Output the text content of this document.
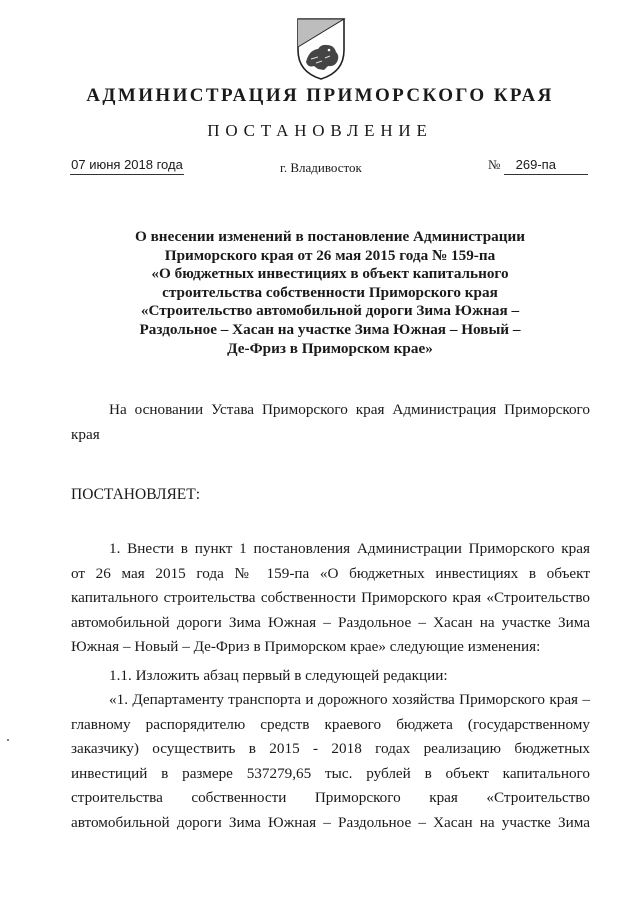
АДМИНИСТРАЦИЯ ПРИМОРСКОГО КРАЯ
ПОСТАНОВЛЕНИЕ
07 июня 2018 года	г. Владивосток	№ 269-па
О внесении изменений в постановление Администрации
Приморского края от 26 мая 2015 года № 159-па
«О бюджетных инвестициях в объект капитального
строительства собственности Приморского края
«Строительство автомобильной дороги Зима Южная –
Раздольное – Хасан на участке Зима Южная – Новый –
Де-Фриз в Приморском крае»
На основании Устава Приморского края Администрация Приморского
края
ПОСТАНОВЛЯЕТ:
1. Внести в пункт 1 постановления Администрации Приморского края
от 26 мая 2015 года № 159-па «О бюджетных инвестициях в объект
капитального строительства собственности Приморского края «Строительство
автомобильной дороги Зима Южная – Раздольное – Хасан на участке Зима
Южная – Новый – Де-Фриз в Приморском крае» следующие изменения:
1.1. Изложить абзац первый в следующей редакции:
«1. Департаменту транспорта и дорожного хозяйства Приморского края –
главному распорядителю средств краевого бюджета (государственному
заказчику) осуществить в 2015 - 2018 годах реализацию бюджетных
инвестиций в размере 537279,65 тыс. рублей в объект капитального
строительства собственности Приморского края «Строительство
автомобильной дороги Зима Южная – Раздольное – Хасан на участке Зима
